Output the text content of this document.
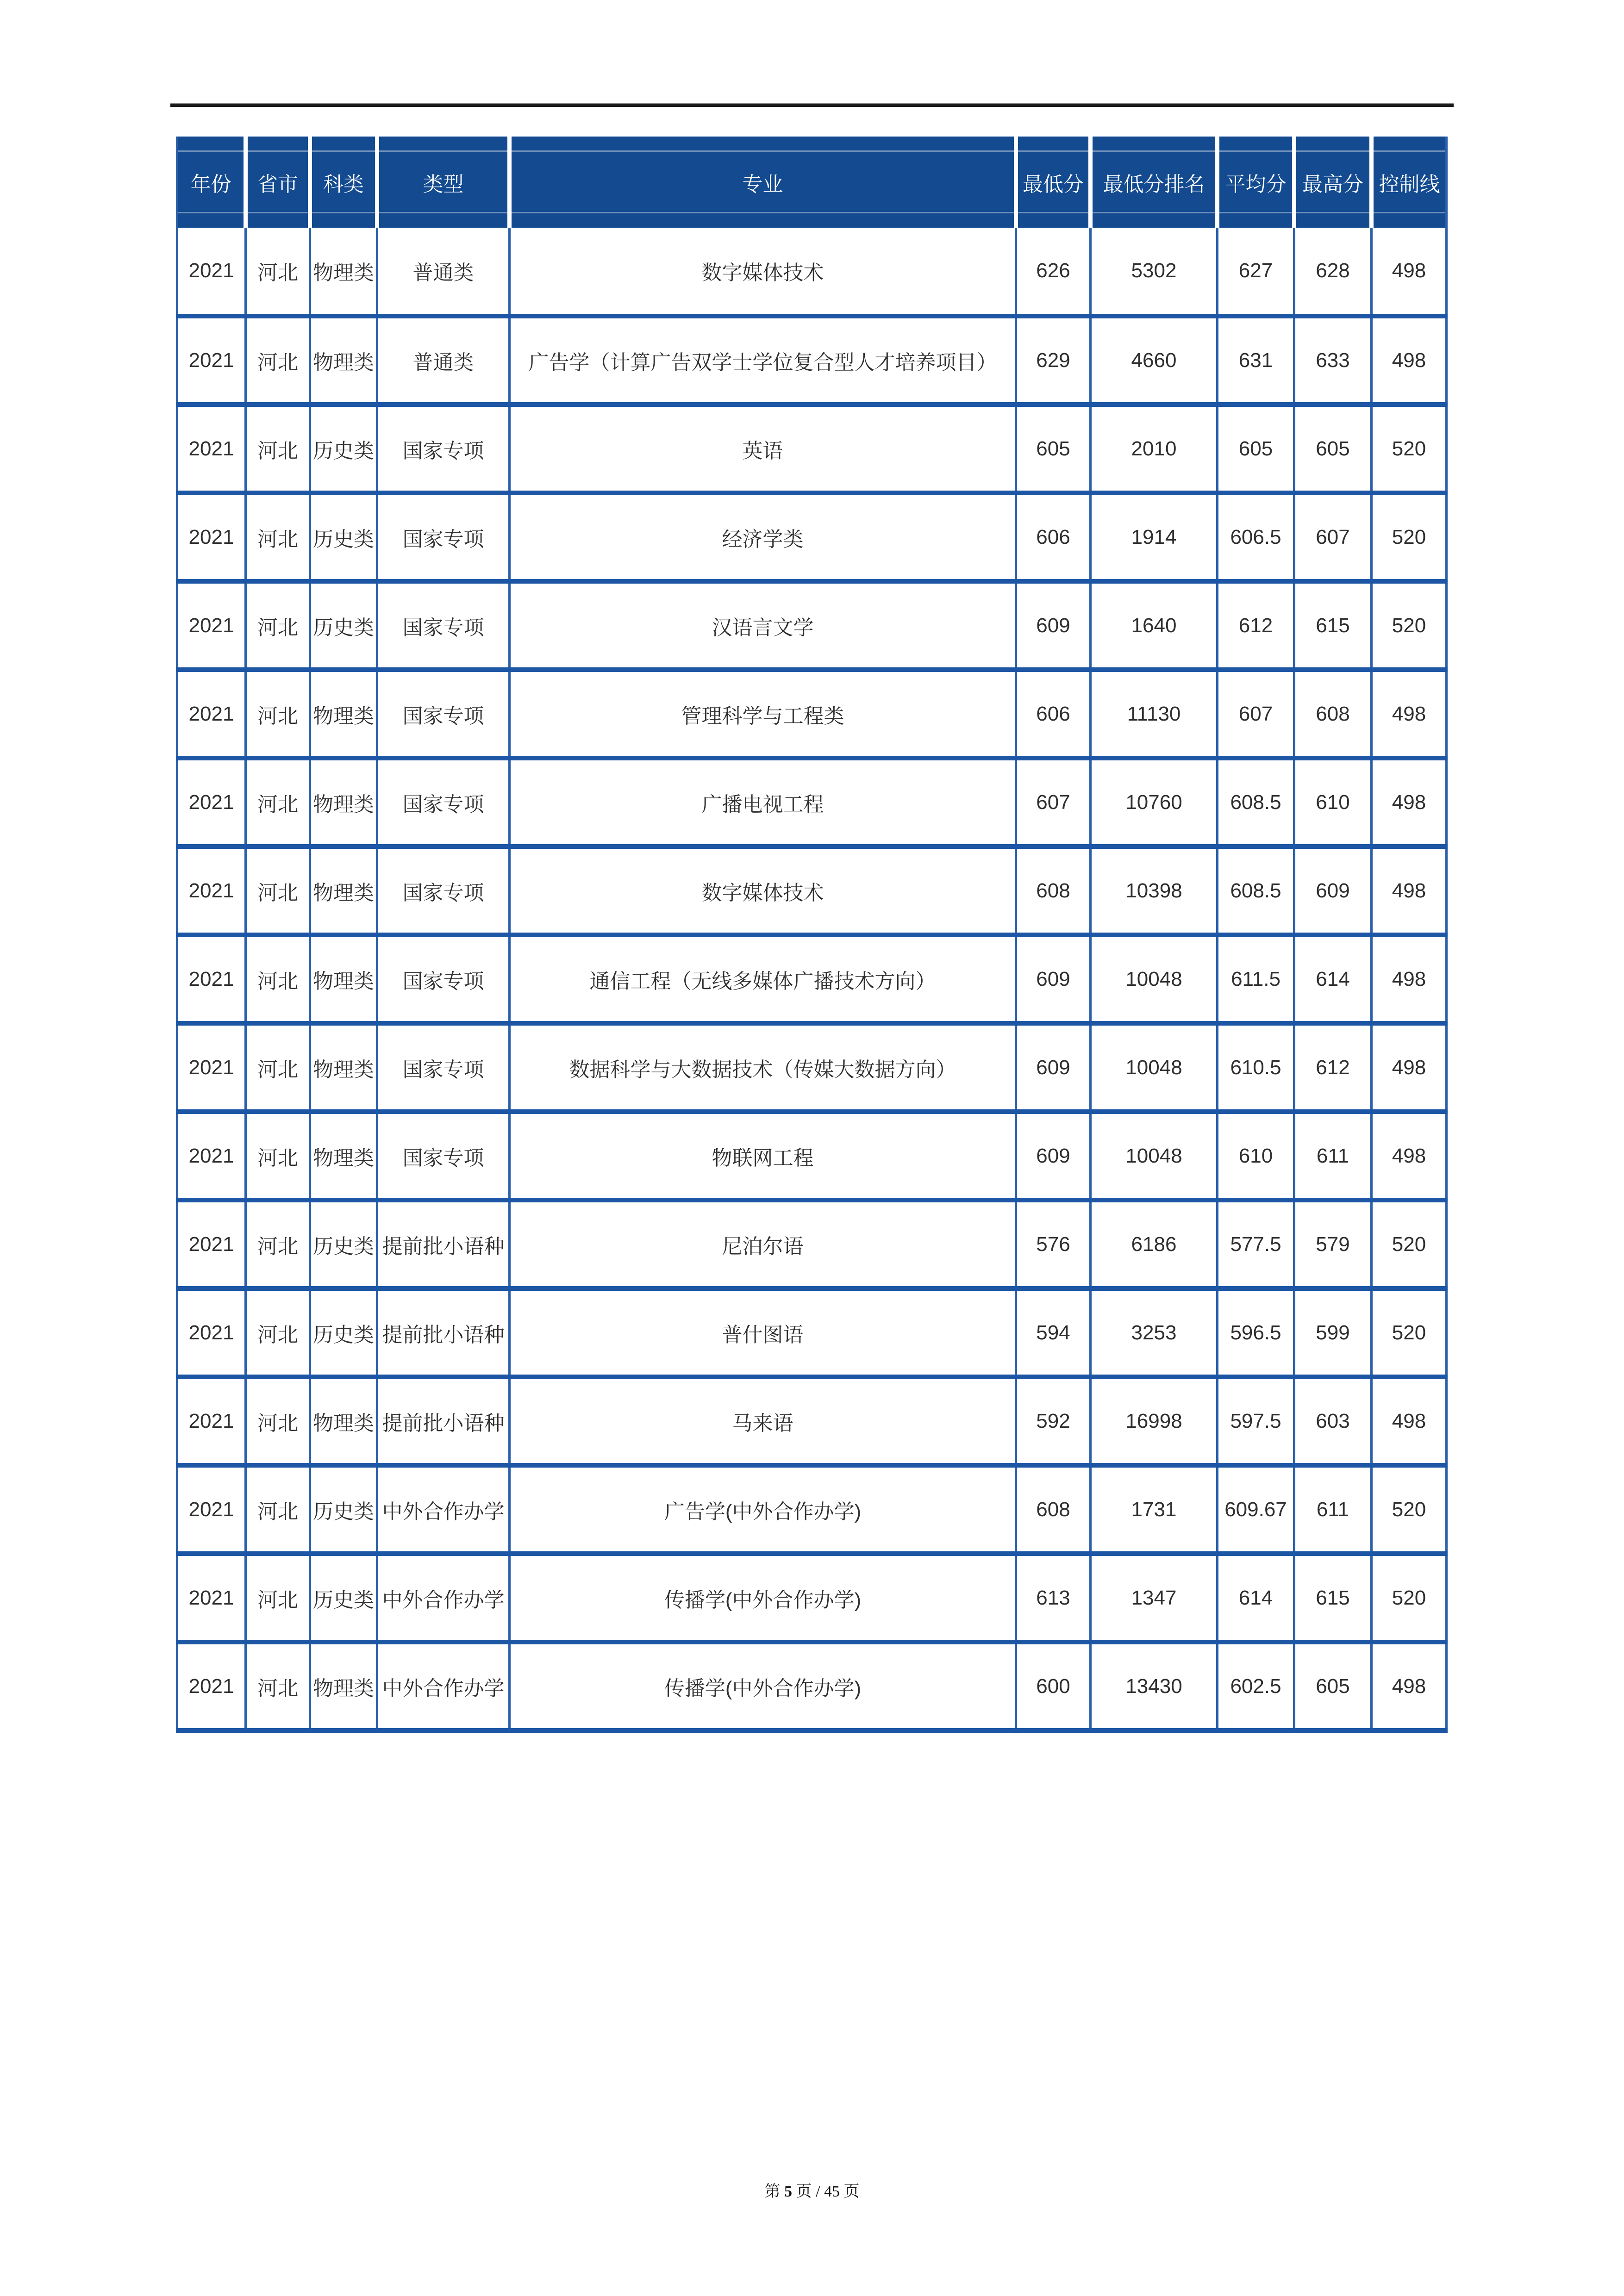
年份	省市	科类	类型	专业	最低分	最低分排名	平均分	最高分	控制线
2021	河北	物理类	普通类	数字媒体技术	626	5302	627	628	498
2021	河北	物理类	普通类	广告学（计算广告双学士学位复合型人才培养项目）	629	4660	631	633	498
2021	河北	历史类	国家专项	英语	605	2010	605	605	520
2021	河北	历史类	国家专项	经济学类	606	1914	606.5	607	520
2021	河北	历史类	国家专项	汉语言文学	609	1640	612	615	520
2021	河北	物理类	国家专项	管理科学与工程类	606	11130	607	608	498
2021	河北	物理类	国家专项	广播电视工程	607	10760	608.5	610	498
2021	河北	物理类	国家专项	数字媒体技术	608	10398	608.5	609	498
2021	河北	物理类	国家专项	通信工程（无线多媒体广播技术方向）	609	10048	611.5	614	498
2021	河北	物理类	国家专项	数据科学与大数据技术（传媒大数据方向）	609	10048	610.5	612	498
2021	河北	物理类	国家专项	物联网工程	609	10048	610	611	498
2021	河北	历史类	提前批小语种	尼泊尔语	576	6186	577.5	579	520
2021	河北	历史类	提前批小语种	普什图语	594	3253	596.5	599	520
2021	河北	物理类	提前批小语种	马来语	592	16998	597.5	603	498
2021	河北	历史类	中外合作办学	广告学(中外合作办学)	608	1731	609.67	611	520
2021	河北	历史类	中外合作办学	传播学(中外合作办学)	613	1347	614	615	520
2021	河北	物理类	中外合作办学	传播学(中外合作办学)	600	13430	602.5	605	498
第 5 页 / 45 页
